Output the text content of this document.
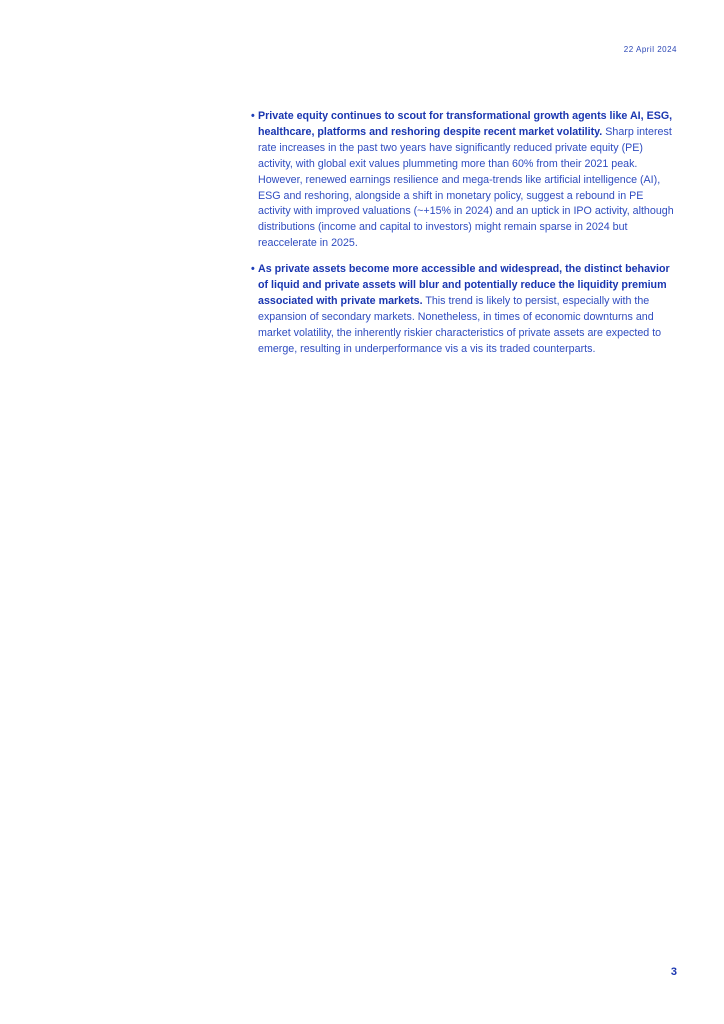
22 April 2024
• Private equity continues to scout for transformational growth agents like AI, ESG, healthcare, platforms and reshoring despite recent market volatility. Sharp interest rate increases in the past two years have significantly reduced private equity (PE) activity, with global exit values plummeting more than 60% from their 2021 peak. However, renewed earnings resilience and mega-trends like artificial intelligence (AI), ESG and reshoring, alongside a shift in monetary policy, suggest a rebound in PE activity with improved valuations (~+15% in 2024) and an uptick in IPO activity, although distributions (income and capital to investors) might remain sparse in 2024 but reaccelerate in 2025.
• As private assets become more accessible and widespread, the distinct behavior of liquid and private assets will blur and potentially reduce the liquidity premium associated with private markets. This trend is likely to persist, especially with the expansion of secondary markets. Nonetheless, in times of economic downturns and market volatility, the inherently riskier characteristics of private assets are expected to emerge, resulting in underperformance vis a vis its traded counterparts.
3
